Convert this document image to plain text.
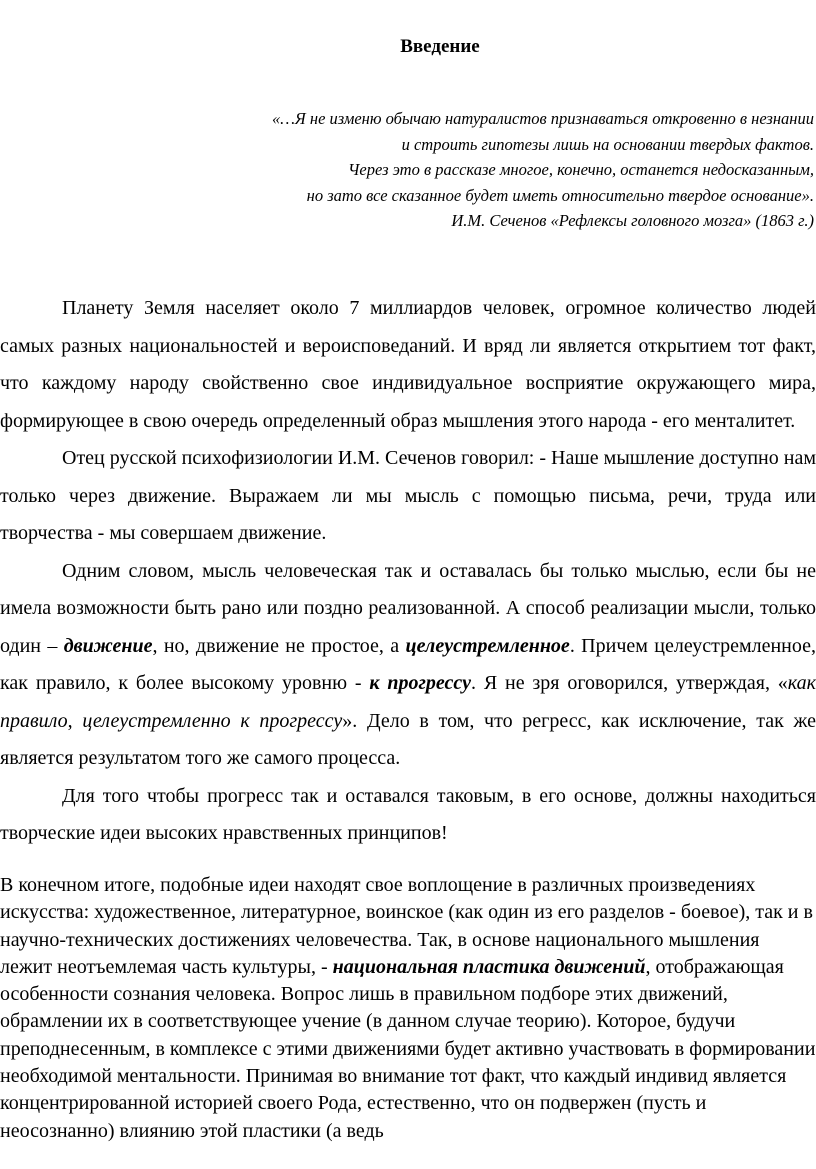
Введение
«…Я не изменю обычаю натуралистов признаваться откровенно в незнании
и строить гипотезы лишь на основании твердых фактов.
Через это в рассказе многое, конечно, останется недосказанным,
но зато все сказанное будет иметь относительно твердое основание».
И.М. Сеченов «Рефлексы головного мозга» (1863 г.)

Планету Земля населяет около 7 миллиардов человек, огромное количество людей самых разных национальностей и вероисповеданий. И вряд ли является открытием тот факт, что каждому народу свойственно свое индивидуальное восприятие окружающего мира, формирующее в свою очередь определенный образ мышления этого народа - его менталитет.

Отец русской психофизиологии И.М. Сеченов говорил: - Наше мышление доступно нам только через движение. Выражаем ли мы мысль с помощью письма, речи, труда или творчества - мы совершаем движение.

Одним словом, мысль человеческая так и оставалась бы только мыслью, если бы не имела возможности быть рано или поздно реализованной. А способ реализации мысли, только один – движение, но, движение не простое, а целеустремленное. Причем целеустремленное, как правило, к более высокому уровню - к прогрессу. Я не зря оговорился, утверждая, «как правило, целеустремленно к прогрессу». Дело в том, что регресс, как исключение, так же является результатом того же самого процесса.

Для того чтобы прогресс так и оставался таковым, в его основе, должны находиться творческие идеи высоких нравственных принципов!

В конечном итоге, подобные идеи находят свое воплощение в различных произведениях искусства: художественное, литературное, воинское (как один из его разделов - боевое), так и в научно-технических достижениях человечества. Так, в основе национального мышления лежит неотъемлемая часть культуры, - национальная пластика движений, отображающая особенности сознания человека. Вопрос лишь в правильном подборе этих движений, обрамлении их в соответствующее учение (в данном случае теорию). Которое, будучи преподнесенным, в комплексе с этими движениями будет активно участвовать в формировании необходимой ментальности. Принимая во внимание тот факт, что каждый индивид является концентрированной историей своего Рода, естественно, что он подвержен (пусть и неосознанно) влиянию этой пластики (а ведь
